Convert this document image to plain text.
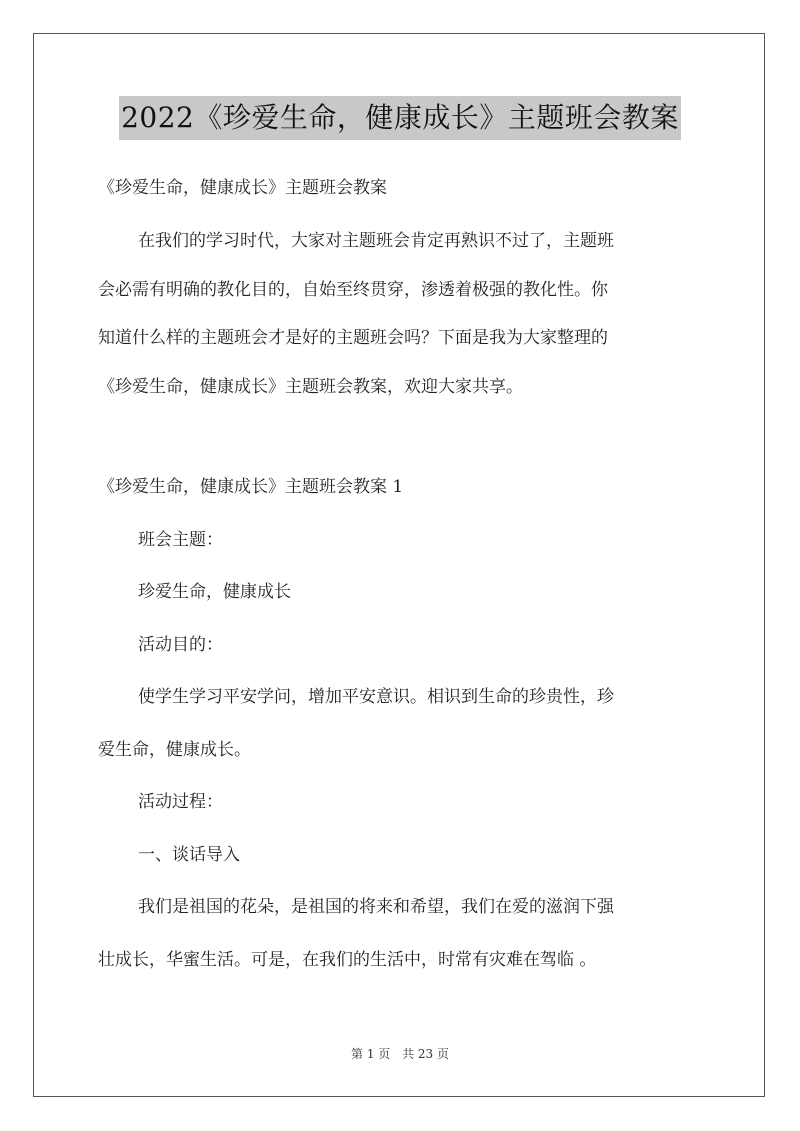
2022《珍爱生命，健康成长》主题班会教案
《珍爱生命，健康成长》主题班会教案
在我们的学习时代，大家对主题班会肯定再熟识不过了，主题班
会必需有明确的教化目的，自始至终贯穿，渗透着极强的教化性。你
知道什么样的主题班会才是好的主题班会吗？下面是我为大家整理的
《珍爱生命，健康成长》主题班会教案，欢迎大家共享。
《珍爱生命，健康成长》主题班会教案 1
班会主题：
珍爱生命，健康成长
活动目的：
使学生学习平安学问，增加平安意识。相识到生命的珍贵性，珍
爱生命，健康成长。
活动过程：
一、谈话导入
我们是祖国的花朵，是祖国的将来和希望，我们在爱的滋润下强
壮成长，华蜜生活。可是，在我们的生活中，时常有灾难在驾临 。
第 1 页 共 23 页
